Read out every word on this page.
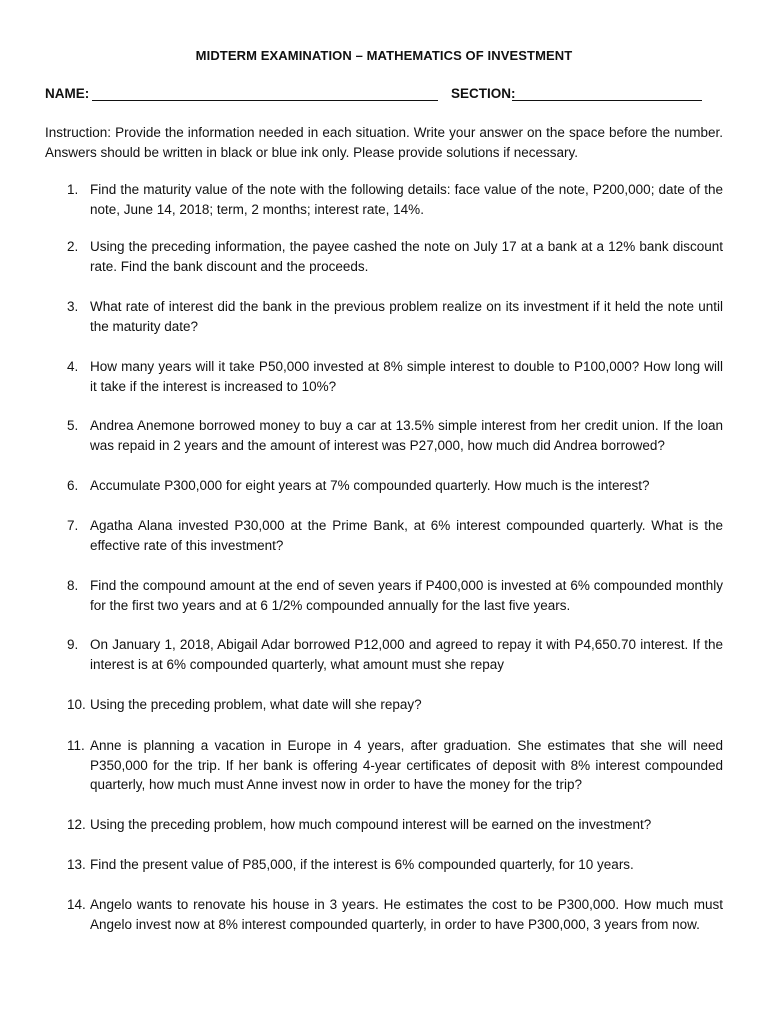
MIDTERM EXAMINATION – MATHEMATICS OF INVESTMENT
NAME:	SECTION:
Instruction: Provide the information needed in each situation. Write your answer on the space before the number. Answers should be written in black or blue ink only. Please provide solutions if necessary.
1. Find the maturity value of the note with the following details: face value of the note, P200,000; date of the note, June 14, 2018; term, 2 months; interest rate, 14%.
2. Using the preceding information, the payee cashed the note on July 17 at a bank at a 12% bank discount rate. Find the bank discount and the proceeds.
3. What rate of interest did the bank in the previous problem realize on its investment if it held the note until the maturity date?
4. How many years will it take P50,000 invested at 8% simple interest to double to P100,000? How long will it take if the interest is increased to 10%?
5. Andrea Anemone borrowed money to buy a car at 13.5% simple interest from her credit union. If the loan was repaid in 2 years and the amount of interest was P27,000, how much did Andrea borrowed?
6. Accumulate P300,000 for eight years at 7% compounded quarterly. How much is the interest?
7. Agatha Alana invested P30,000 at the Prime Bank, at 6% interest compounded quarterly. What is the effective rate of this investment?
8. Find the compound amount at the end of seven years if P400,000 is invested at 6% compounded monthly for the first two years and at 6 1/2% compounded annually for the last five years.
9. On January 1, 2018, Abigail Adar borrowed P12,000 and agreed to repay it with P4,650.70 interest. If the interest is at 6% compounded quarterly, what amount must she repay
10. Using the preceding problem, what date will she repay?
11. Anne is planning a vacation in Europe in 4 years, after graduation. She estimates that she will need P350,000 for the trip. If her bank is offering 4-year certificates of deposit with 8% interest compounded quarterly, how much must Anne invest now in order to have the money for the trip?
12. Using the preceding problem, how much compound interest will be earned on the investment?
13. Find the present value of P85,000, if the interest is 6% compounded quarterly, for 10 years.
14. Angelo wants to renovate his house in 3 years. He estimates the cost to be P300,000. How much must Angelo invest now at 8% interest compounded quarterly, in order to have P300,000, 3 years from now.
